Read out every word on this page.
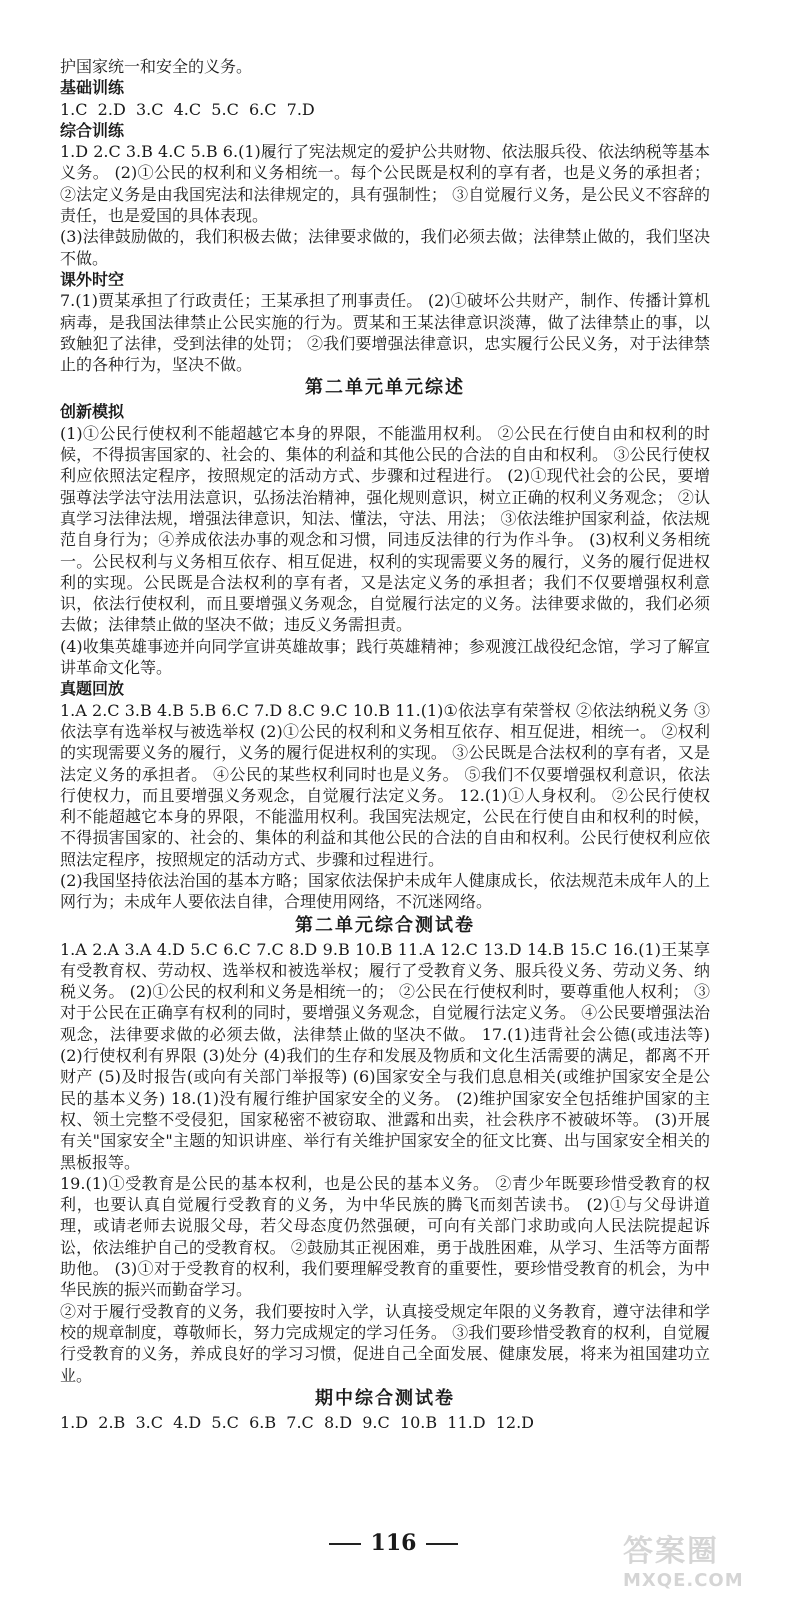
护国家统一和安全的义务。

基础训练

1.C  2.D  3.C  4.C  5.C  6.C  7.D

综合训练

1.D 2.C 3.B 4.C 5.B 6.(1)履行了宪法规定的爱护公共财物、依法服兵役、依法纳税等基本义务。 (2)①公民的权利和义务相统一。每个公民既是权利的享有者，也是义务的承担者； ②法定义务是由我国宪法和法律规定的，具有强制性； ③自觉履行义务，是公民义不容辞的责任，也是爱国的具体表现。

(3)法律鼓励做的，我们积极去做；法律要求做的，我们必须去做；法律禁止做的，我们坚决不做。

课外时空

7.(1)贾某承担了行政责任；王某承担了刑事责任。 (2)①破坏公共财产，制作、传播计算机病毒，是我国法律禁止公民实施的行为。贾某和王某法律意识淡薄，做了法律禁止的事，以致触犯了法律，受到法律的处罚； ②我们要增强法律意识，忠实履行公民义务，对于法律禁止的各种行为，坚决不做。

第二单元单元综述

创新模拟

(1)①公民行使权利不能超越它本身的界限，不能滥用权利。 ②公民在行使自由和权利的时候，不得损害国家的、社会的、集体的利益和其他公民的合法的自由和权利。 ③公民行使权利应依照法定程序，按照规定的活动方式、步骤和过程进行。 (2)①现代社会的公民，要增强尊法学法守法用法意识，弘扬法治精神，强化规则意识，树立正确的权利义务观念； ②认真学习法律法规，增强法律意识，知法、懂法，守法、用法； ③依法维护国家利益，依法规范自身行为；④养成依法办事的观念和习惯，同违反法律的行为作斗争。 (3)权利义务相统一。公民权利与义务相互依存、相互促进，权利的实现需要义务的履行，义务的履行促进权利的实现。公民既是合法权利的享有者，又是法定义务的承担者；我们不仅要增强权利意识，依法行使权利，而且要增强义务观念，自觉履行法定的义务。法律要求做的，我们必须去做；法律禁止做的坚决不做；违反义务需担责。

(4)收集英雄事迹并向同学宣讲英雄故事；践行英雄精神；参观渡江战役纪念馆，学习了解宣讲革命文化等。

真题回放

1.A 2.C 3.B 4.B 5.B 6.C 7.D 8.C 9.C 10.B 11.(1)①依法享有荣誉权 ②依法纳税义务 ③依法享有选举权与被选举权 (2)①公民的权利和义务相互依存、相互促进，相统一。 ②权利的实现需要义务的履行，义务的履行促进权利的实现。 ③公民既是合法权利的享有者，又是法定义务的承担者。 ④公民的某些权利同时也是义务。 ⑤我们不仅要增强权利意识，依法行使权力，而且要增强义务观念，自觉履行法定义务。 12.(1)①人身权利。 ②公民行使权利不能超越它本身的界限，不能滥用权利。我国宪法规定，公民在行使自由和权利的时候，不得损害国家的、社会的、集体的利益和其他公民的合法的自由和权利。公民行使权利应依照法定程序，按照规定的活动方式、步骤和过程进行。

(2)我国坚持依法治国的基本方略；国家依法保护未成年人健康成长，依法规范未成年人的上网行为；未成年人要依法自律，合理使用网络，不沉迷网络。

第二单元综合测试卷

1.A 2.A 3.A 4.D 5.C 6.C 7.C 8.D 9.B 10.B 11.A 12.C 13.D 14.B 15.C 16.(1)王某享有受教育权、劳动权、选举权和被选举权；履行了受教育义务、服兵役义务、劳动义务、纳税义务。 (2)①公民的权利和义务是相统一的； ②公民在行使权利时，要尊重他人权利； ③对于公民在正确享有权利的同时，要增强义务观念，自觉履行法定义务。 ④公民要增强法治观念，法律要求做的必须去做，法律禁止做的坚决不做。 17.(1)违背社会公德(或违法等) (2)行使权利有界限 (3)处分 (4)我们的生存和发展及物质和文化生活需要的满足，都离不开财产 (5)及时报告(或向有关部门举报等) (6)国家安全与我们息息相关(或维护国家安全是公民的基本义务) 18.(1)没有履行维护国家安全的义务。 (2)维护国家安全包括维护国家的主权、领土完整不受侵犯，国家秘密不被窃取、泄露和出卖，社会秩序不被破坏等。 (3)开展有关"国家安全"主题的知识讲座、举行有关维护国家安全的征文比赛、出与国家安全相关的黑板报等。

19.(1)①受教育是公民的基本权利，也是公民的基本义务。 ②青少年既要珍惜受教育的权利，也要认真自觉履行受教育的义务，为中华民族的腾飞而刻苦读书。 (2)①与父母讲道理，或请老师去说服父母，若父母态度仍然强硬，可向有关部门求助或向人民法院提起诉讼，依法维护自己的受教育权。 ②鼓励其正视困难，勇于战胜困难，从学习、生活等方面帮助他。 (3)①对于受教育的权利，我们要理解受教育的重要性，要珍惜受教育的机会，为中华民族的振兴而勤奋学习。

②对于履行受教育的义务，我们要按时入学，认真接受规定年限的义务教育，遵守法律和学校的规章制度，尊敬师长，努力完成规定的学习任务。 ③我们要珍惜受教育的权利，自觉履行受教育的义务，养成良好的学习习惯，促进自己全面发展、健康发展，将来为祖国建功立业。

期中综合测试卷

1.D  2.B  3.C  4.D  5.C  6.B  7.C  8.D  9.C  10.B  11.D  12.D

116	答案圈
MXQE.COM
